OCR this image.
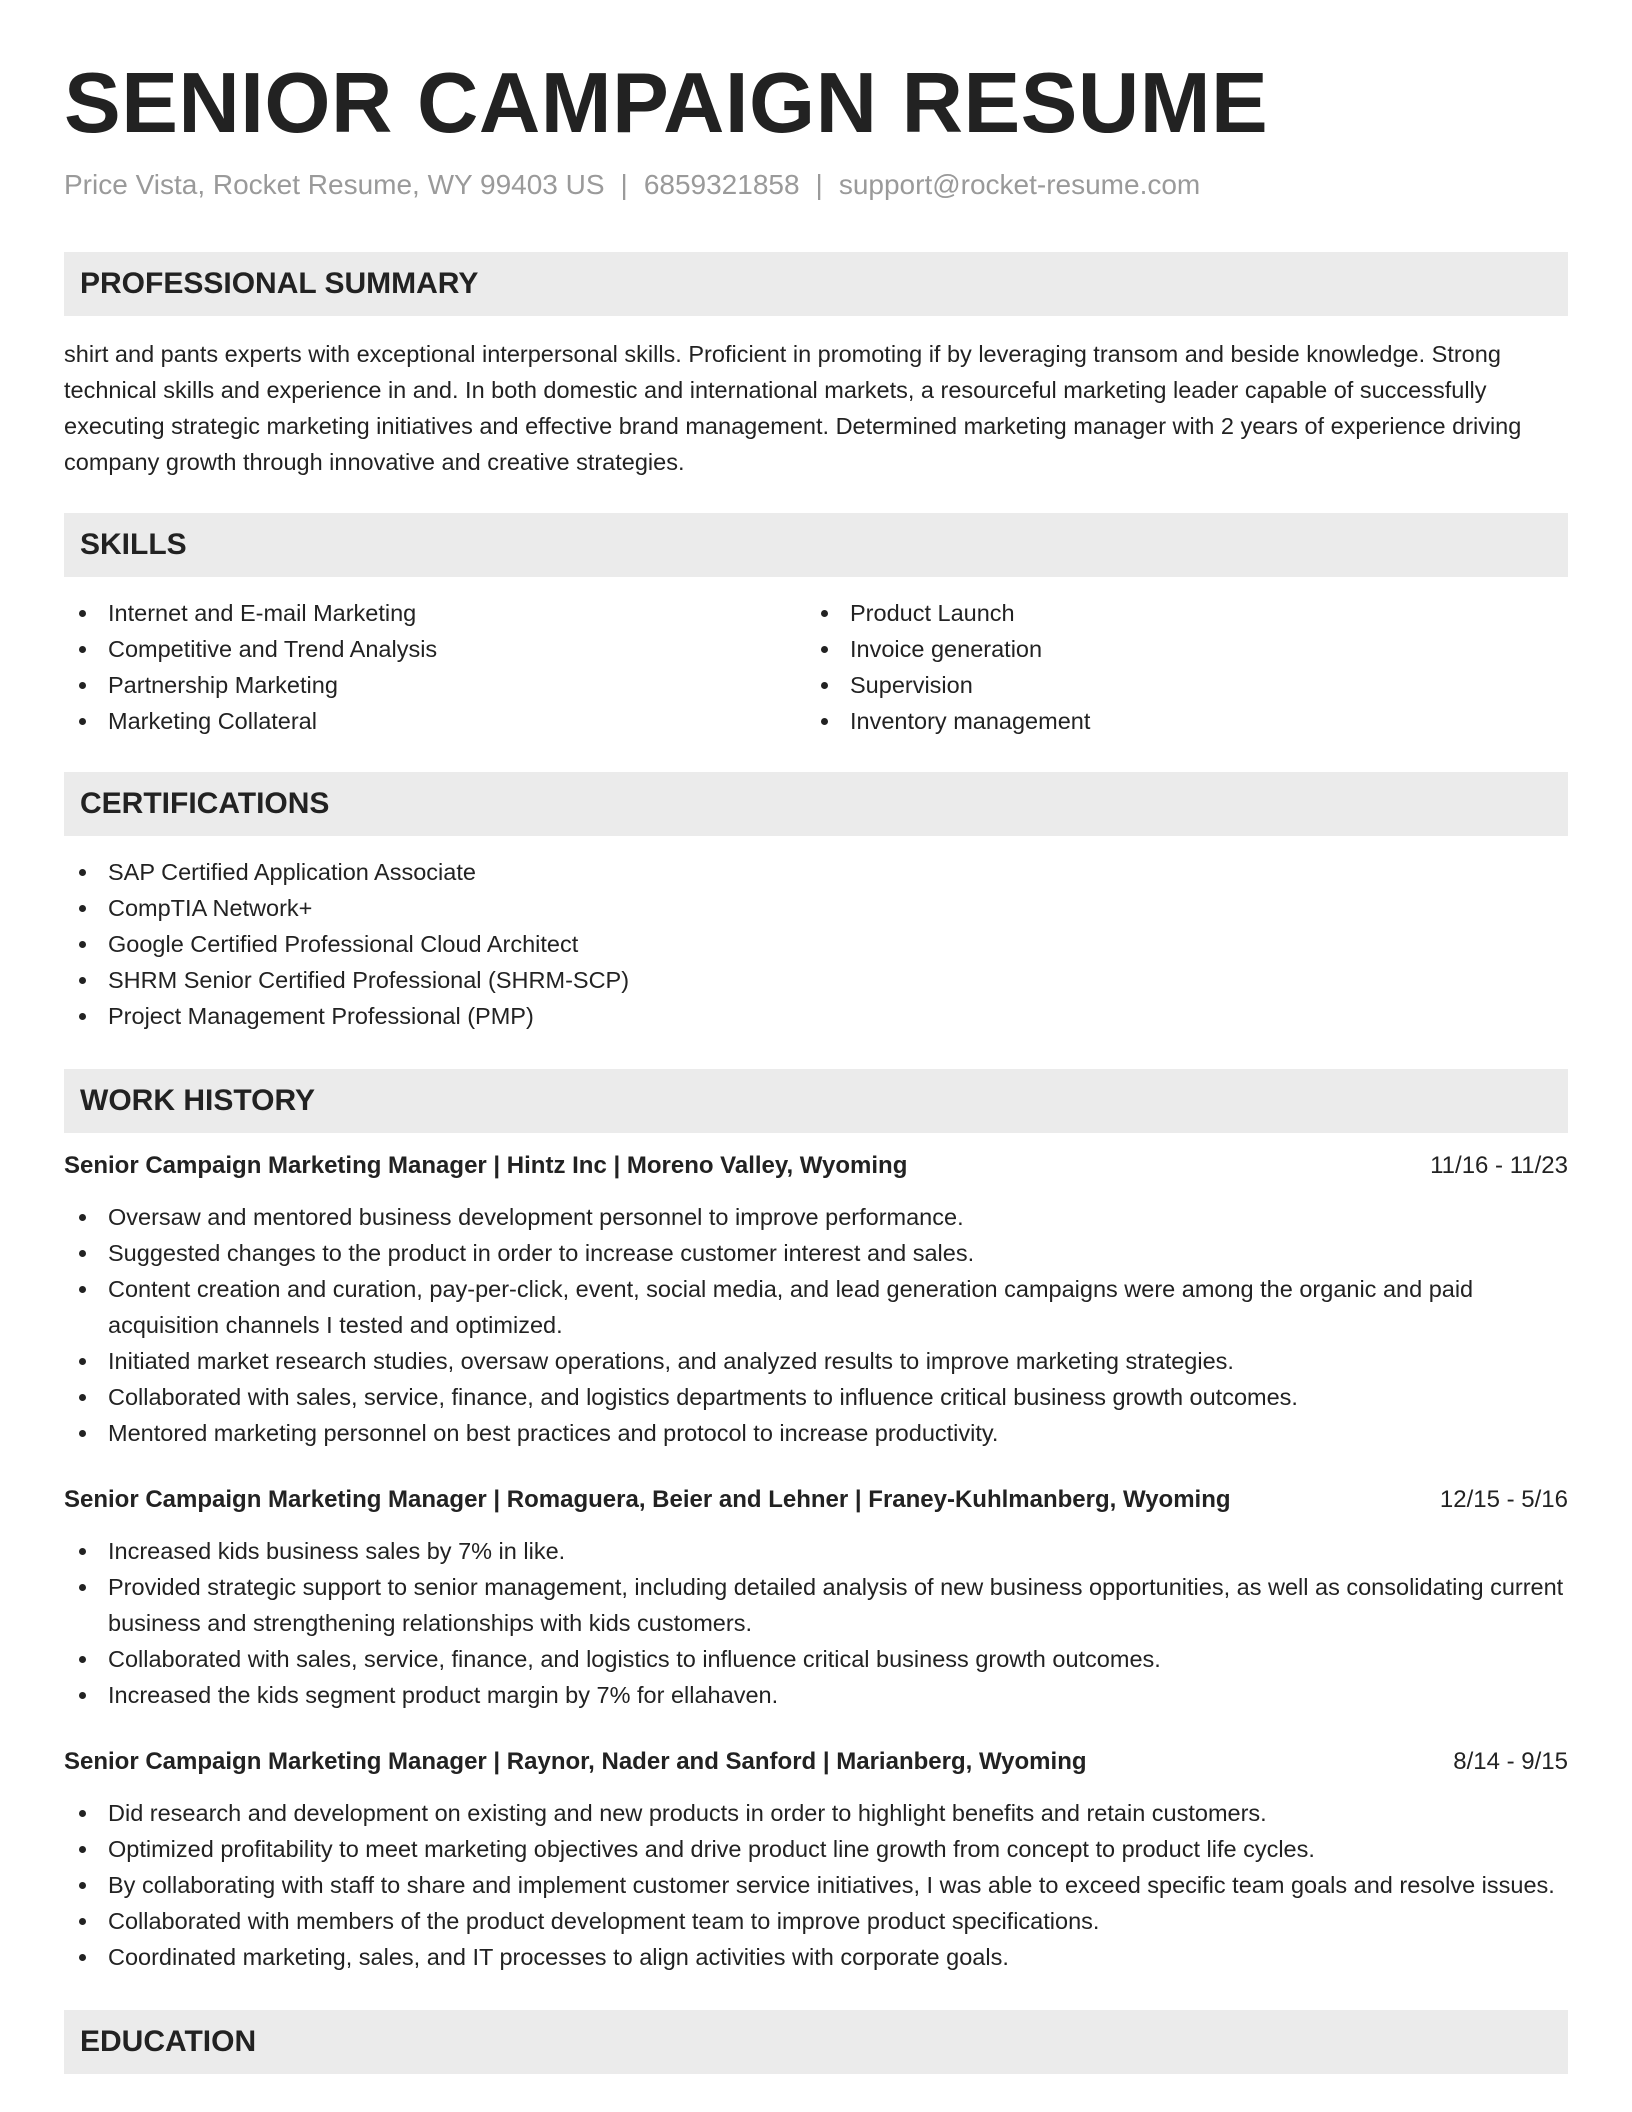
SENIOR CAMPAIGN RESUME
Price Vista, Rocket Resume, WY 99403 US | 6859321858 | support@rocket-resume.com
PROFESSIONAL SUMMARY

shirt and pants experts with exceptional interpersonal skills. Proficient in promoting if by leveraging transom and beside knowledge. Strong technical skills and experience in and. In both domestic and international markets, a resourceful marketing leader capable of successfully executing strategic marketing initiatives and effective brand management. Determined marketing manager with 2 years of experience driving company growth through innovative and creative strategies.

SKILLS
Internet and E-mail Marketing
Competitive and Trend Analysis
Partnership Marketing
Marketing Collateral
Product Launch
Invoice generation
Supervision
Inventory management
CERTIFICATIONS
SAP Certified Application Associate
CompTIA Network+
Google Certified Professional Cloud Architect
SHRM Senior Certified Professional (SHRM-SCP)
Project Management Professional (PMP)
WORK HISTORY
Senior Campaign Marketing Manager | Hintz Inc | Moreno Valley, Wyoming	11/16 - 11/23
Oversaw and mentored business development personnel to improve performance.
Suggested changes to the product in order to increase customer interest and sales.
Content creation and curation, pay-per-click, event, social media, and lead generation campaigns were among the organic and paid acquisition channels I tested and optimized.
Initiated market research studies, oversaw operations, and analyzed results to improve marketing strategies.
Collaborated with sales, service, finance, and logistics departments to influence critical business growth outcomes.
Mentored marketing personnel on best practices and protocol to increase productivity.
Senior Campaign Marketing Manager | Romaguera, Beier and Lehner | Franey-Kuhlmanberg, Wyoming	12/15 - 5/16
Increased kids business sales by 7% in like.
Provided strategic support to senior management, including detailed analysis of new business opportunities, as well as consolidating current business and strengthening relationships with kids customers.
Collaborated with sales, service, finance, and logistics to influence critical business growth outcomes.
Increased the kids segment product margin by 7% for ellahaven.
Senior Campaign Marketing Manager | Raynor, Nader and Sanford | Marianberg, Wyoming	8/14 - 9/15
Did research and development on existing and new products in order to highlight benefits and retain customers.
Optimized profitability to meet marketing objectives and drive product line growth from concept to product life cycles.
By collaborating with staff to share and implement customer service initiatives, I was able to exceed specific team goals and resolve issues.
Collaborated with members of the product development team to improve product specifications.
Coordinated marketing, sales, and IT processes to align activities with corporate goals.
EDUCATION
